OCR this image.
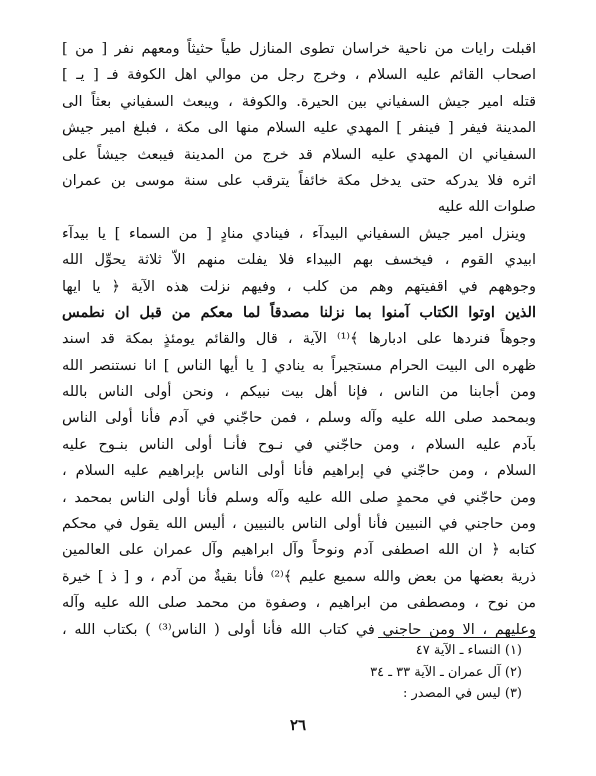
اقبلت رايات من ناحية خراسان تطوى المنازل طياً حثيثاً ومعهم نفر [ من ]
اصحاب القائم عليه السلام ، وخرج رجل من موالي اهل الكوفة فـ [ يـ ]
قتله امير جيش السفياني بين الحيرة. والكوفة ، ويبعث السفياني بعثاً الى
المدينة فيفر [ فينفر ] المهدي عليه السلام منها الى مكة ، فبلغ امير جيش
السفياني ان المهدي عليه السلام قد خرج من المدينة فيبعث جيشاً على
اثره فلا يدركه حتى يدخل مكة خائفاً يترقب على سنة موسى بن عمران
صلوات الله عليه
وينزل امير جيش السفياني البيدآء ، فينادي منادٍ [ من السماء ] يا بيدآء
ابيدي القوم ، فيخسف بهم البيداء فلا يفلت منهم الاّ ثلاثة يحوِّل الله
وجوههم في اقفيتهم وهم من كلب ، وفيهم نزلت هذه الآية ﴿ يا ايها
الذين اوتوا الكتاب آمنوا بما نزلنا مصدقاً لما معكم من قبل ان نطمس
وجوهاً فنردها على ادبارها ﴾⁽¹⁾ الآية ، قال والقائم يومئذٍ بمكة قد اسند
ظهره الى البيت الحرام مستجيراً به ينادي [ يا أيها الناس ] انا نستنصر الله
ومن أجابنا من الناس ، فإنا أهل بيت نبيكم ، ونحن أولى الناس بالله
وبمحمد صلى الله عليه وآله وسلم ، فمن حاجّني في آدم فأنا أولى الناس
بآدم عليه السلام ، ومن حاجّني في نـوح فأنـا أولى الناس بنـوح عليه
السلام ، ومن حاجّني في إبراهيم فأنا أولى الناس بإبراهيم عليه السلام ،
ومن حاجّني في محمدٍ صلى الله عليه وآله وسلم فأنا أولى الناس بمحمد ،
ومن حاجني في النبيين فأنا أولى الناس بالنبيين ، أليس الله يقول في محكم
كتابه ﴿ ان الله اصطفى آدم ونوحاً وآل ابراهيم وآل عمران على العالمين
ذرية بعضها من بعض والله سميع عليم ﴾⁽²⁾ فأنا بقيةٌ من آدم ، و [ ذ ] خيرة
من نوح ، ومصطفى من ابراهيم ، وصفوة من محمد صلى الله عليه وآله
وعليهم ، الا ومن حاجني في كتاب الله فأنا أولى ( الناس⁽³⁾ ) بكتاب الله ،
(١) النساء ـ الآية ٤٧
(٢) آل عمران ـ الآية ٣٣ ـ ٣٤
(٣) ليس في المصدر :
٢٦
